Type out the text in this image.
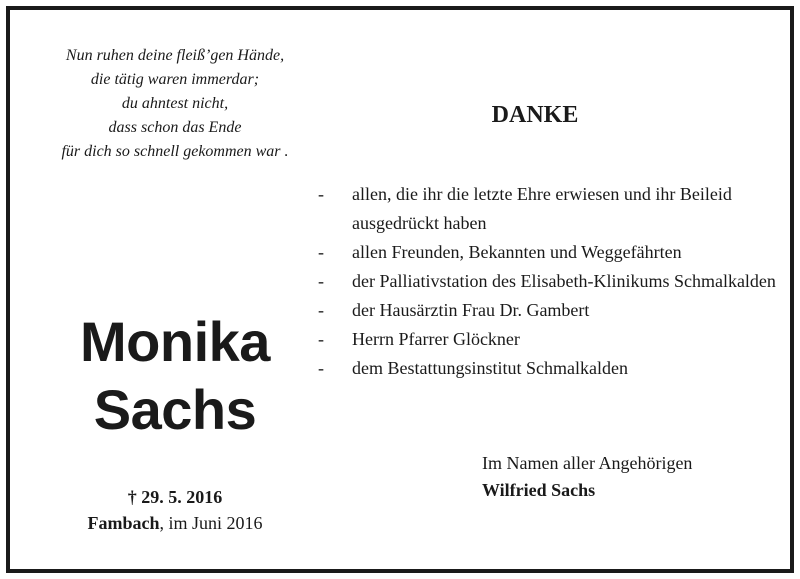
Nun ruhen deine fleiß’gen Hände,
die tätig waren immerdar;
du ahntest nicht,
dass schon das Ende
für dich so schnell gekommen war .
Monika
Sachs
† 29. 5. 2016
Fambach, im Juni 2016
DANKE
- allen, die ihr die letzte Ehre erwiesen und ihr Beileid ausgedrückt haben
- allen Freunden, Bekannten und Weggefährten
- der Palliativstation des Elisabeth-Klinikums Schmalkalden
- der Hausärztin Frau Dr. Gambert
- Herrn Pfarrer Glöckner
- dem Bestattungsinstitut Schmalkalden
Im Namen aller Angehörigen
Wilfried Sachs
